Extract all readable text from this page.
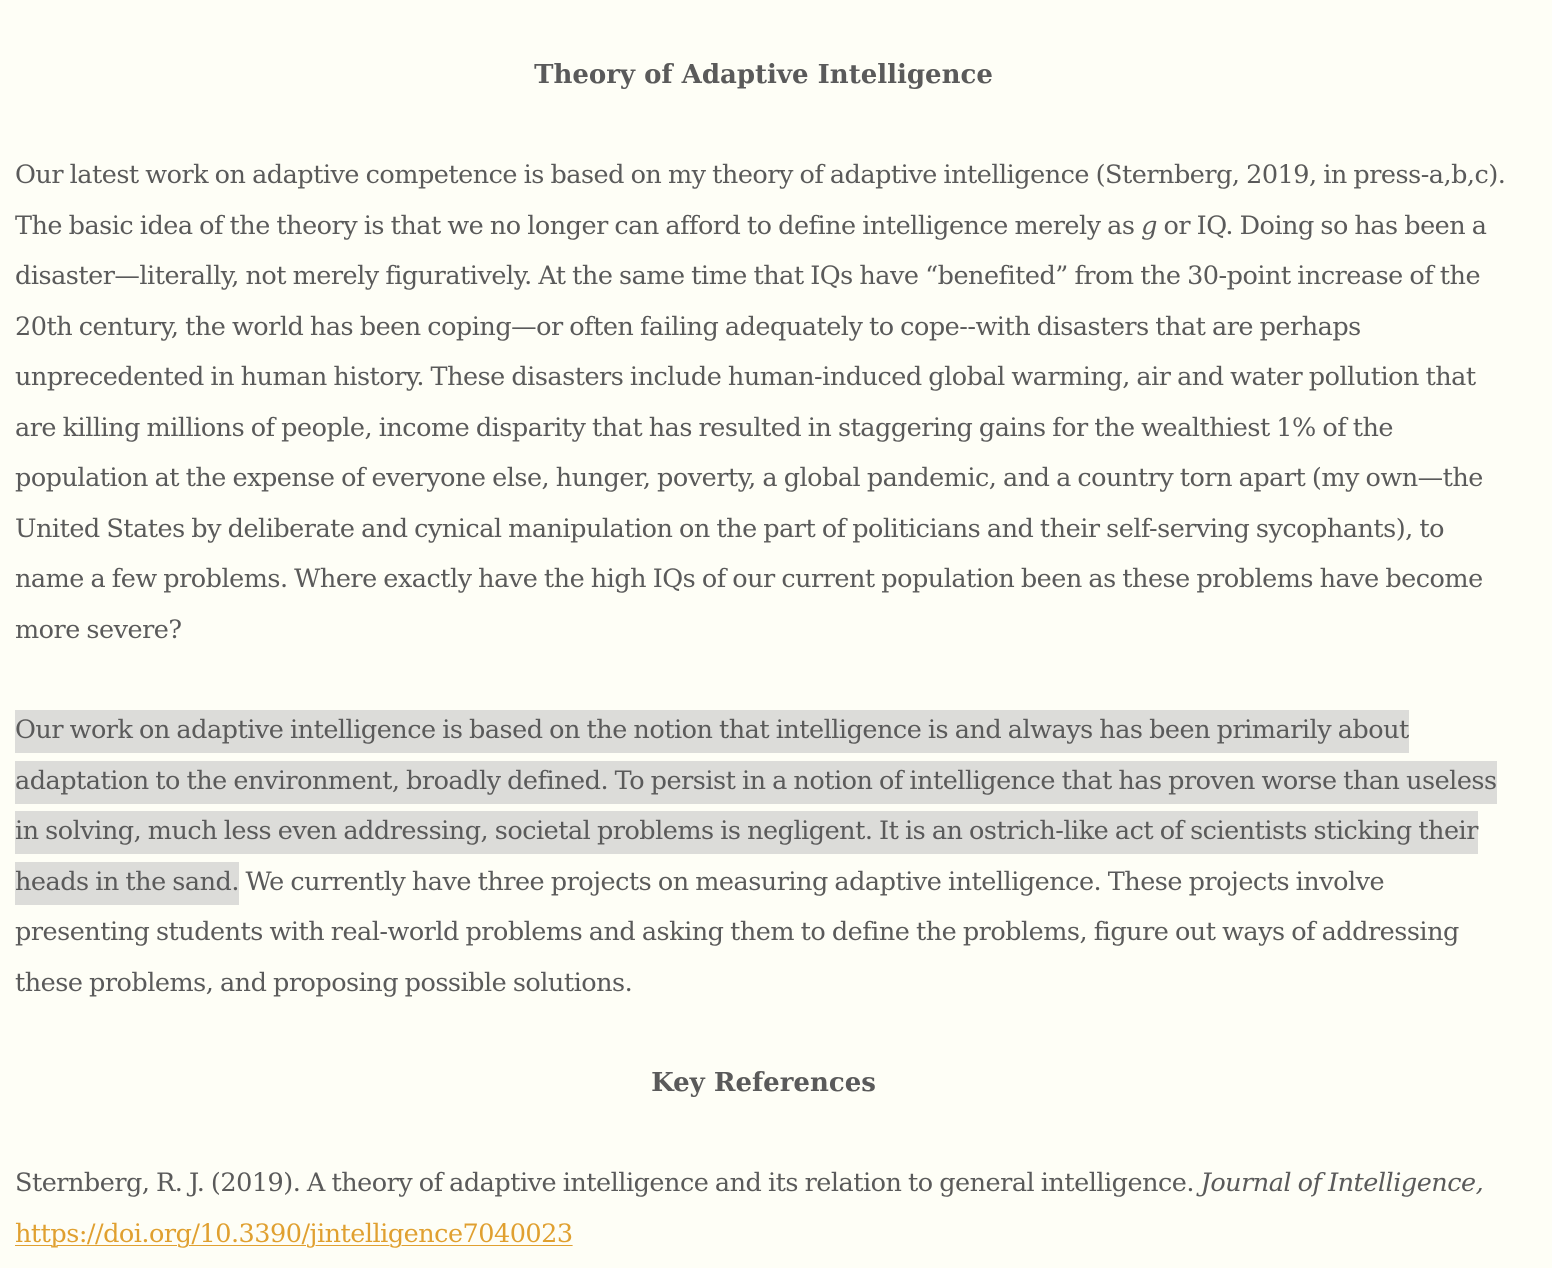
Theory of Adaptive Intelligence

Our latest work on adaptive competence is based on my theory of adaptive intelligence (Sternberg, 2019, in press-a,b,c). The basic idea of the theory is that we no longer can afford to define intelligence merely as g or IQ. Doing so has been a disaster—literally, not merely figuratively. At the same time that IQs have “benefited” from the 30-point increase of the 20th century, the world has been coping—or often failing adequately to cope--with disasters that are perhaps unprecedented in human history. These disasters include human-induced global warming, air and water pollution that are killing millions of people, income disparity that has resulted in staggering gains for the wealthiest 1% of the population at the expense of everyone else, hunger, poverty, a global pandemic, and a country torn apart (my own—the United States by deliberate and cynical manipulation on the part of politicians and their self-serving sycophants), to name a few problems. Where exactly have the high IQs of our current population been as these problems have become more severe?

Our work on adaptive intelligence is based on the notion that intelligence is and always has been primarily about adaptation to the environment, broadly defined. To persist in a notion of intelligence that has proven worse than useless in solving, much less even addressing, societal problems is negligent. It is an ostrich-like act of scientists sticking their heads in the sand. We currently have three projects on measuring adaptive intelligence. These projects involve presenting students with real-world problems and asking them to define the problems, figure out ways of addressing these problems, and proposing possible solutions.

Key References

Sternberg, R. J. (2019). A theory of adaptive intelligence and its relation to general intelligence. Journal of Intelligence, https://doi.org/10.3390/jintelligence7040023
